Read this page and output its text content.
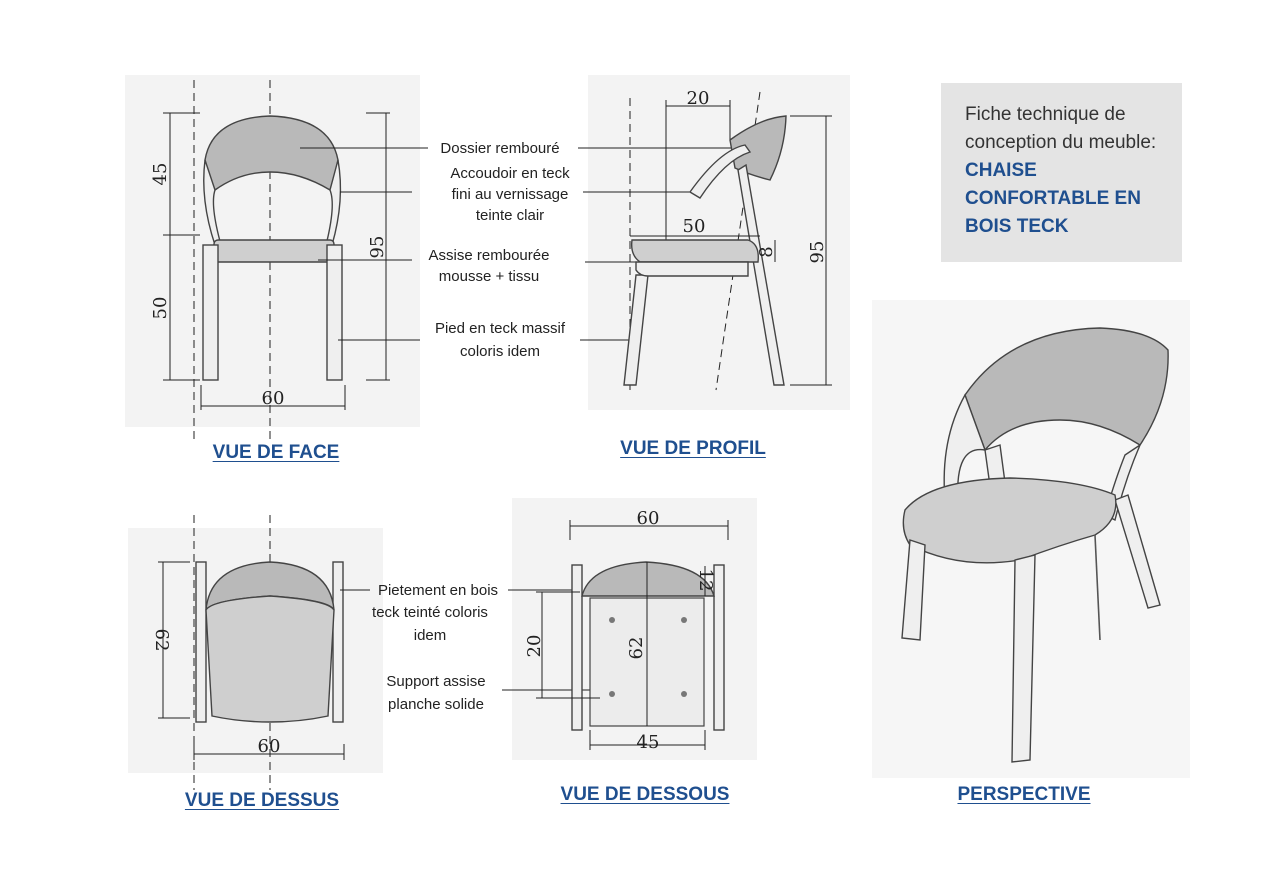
45
50
95
60
Dossier rembouré
Accoudoir en teck
fini au vernissage
teinte clair
Assise rembourée
mousse + tissu
Pied en teck massif
coloris idem
20
50
8 95
62
60
Pietement en bois
teck teinté coloris
idem
Support assise
planche solide
60
12
20	62
45
Fiche technique de conception du meuble: CHAISE CONFORTABLE EN BOIS TECK
VUE DE FACE	VUE DE PROFIL
VUE DE DESSUS	VUE DE DESSOUS	PERSPECTIVE
